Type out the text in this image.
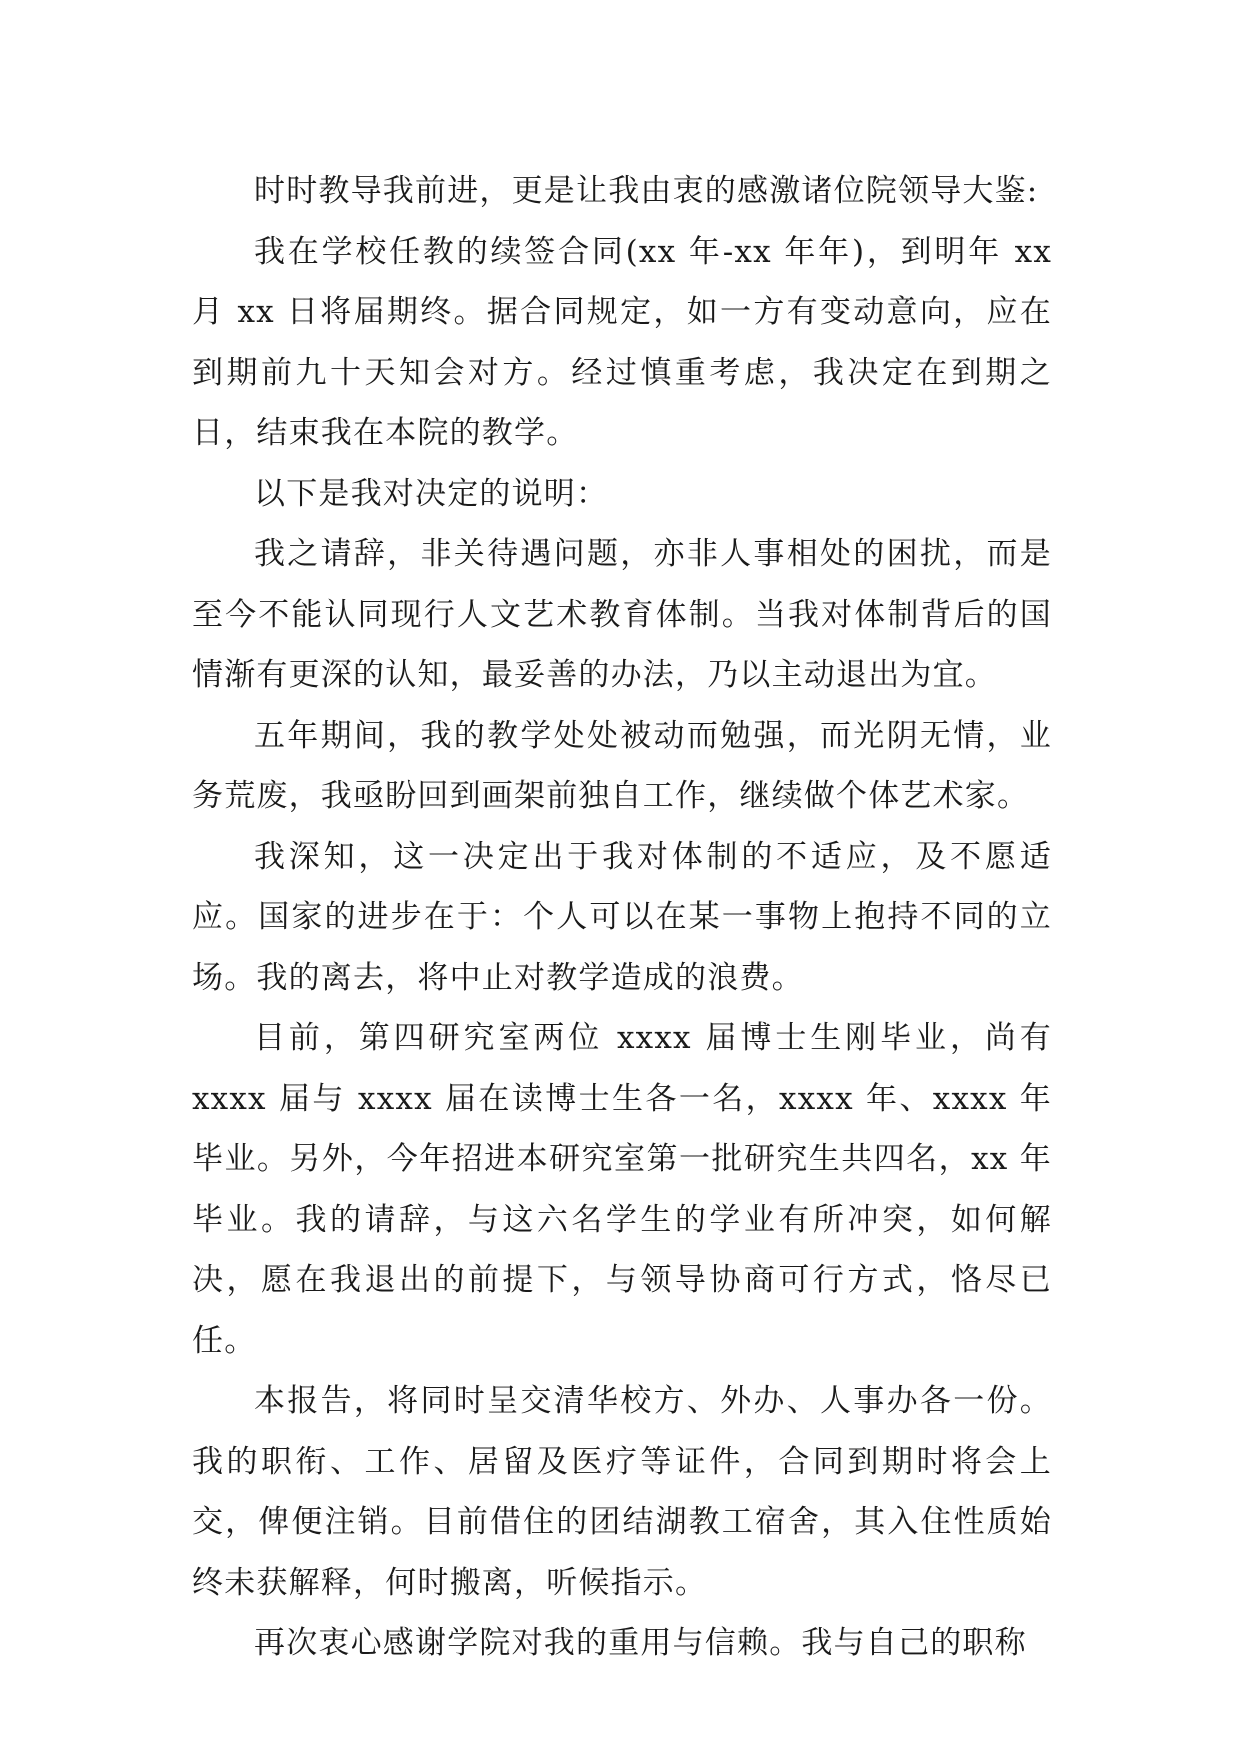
时时教导我前进，更是让我由衷的感激诸位院领导大鉴:

我在学校任教的续签合同(xx 年-xx 年年)，到明年 xx 月 xx 日将届期终。据合同规定，如一方有变动意向，应在到期前九十天知会对方。经过慎重考虑，我决定在到期之日，结束我在本院的教学。

以下是我对决定的说明：

我之请辞，非关待遇问题，亦非人事相处的困扰，而是至今不能认同现行人文艺术教育体制。当我对体制背后的国情渐有更深的认知，最妥善的办法，乃以主动退出为宜。

五年期间，我的教学处处被动而勉强，而光阴无情，业务荒废，我亟盼回到画架前独自工作，继续做个体艺术家。

我深知，这一决定出于我对体制的不适应，及不愿适应。国家的进步在于：个人可以在某一事物上抱持不同的立场。我的离去，将中止对教学造成的浪费。

目前，第四研究室两位 xxxx 届博士生刚毕业，尚有 xxxx 届与 xxxx 届在读博士生各一名，xxxx 年、xxxx 年毕业。另外，今年招进本研究室第一批研究生共四名，xx 年毕业。我的请辞，与这六名学生的学业有所冲突，如何解决，愿在我退出的前提下，与领导协商可行方式，恪尽已任。

本报告，将同时呈交清华校方、外办、人事办各一份。我的职衔、工作、居留及医疗等证件，合同到期时将会上交，俾便注销。目前借住的团结湖教工宿舍，其入住性质始终未获解释，何时搬离，听候指示。

再次衷心感谢学院对我的重用与信赖。我与自己的职称
